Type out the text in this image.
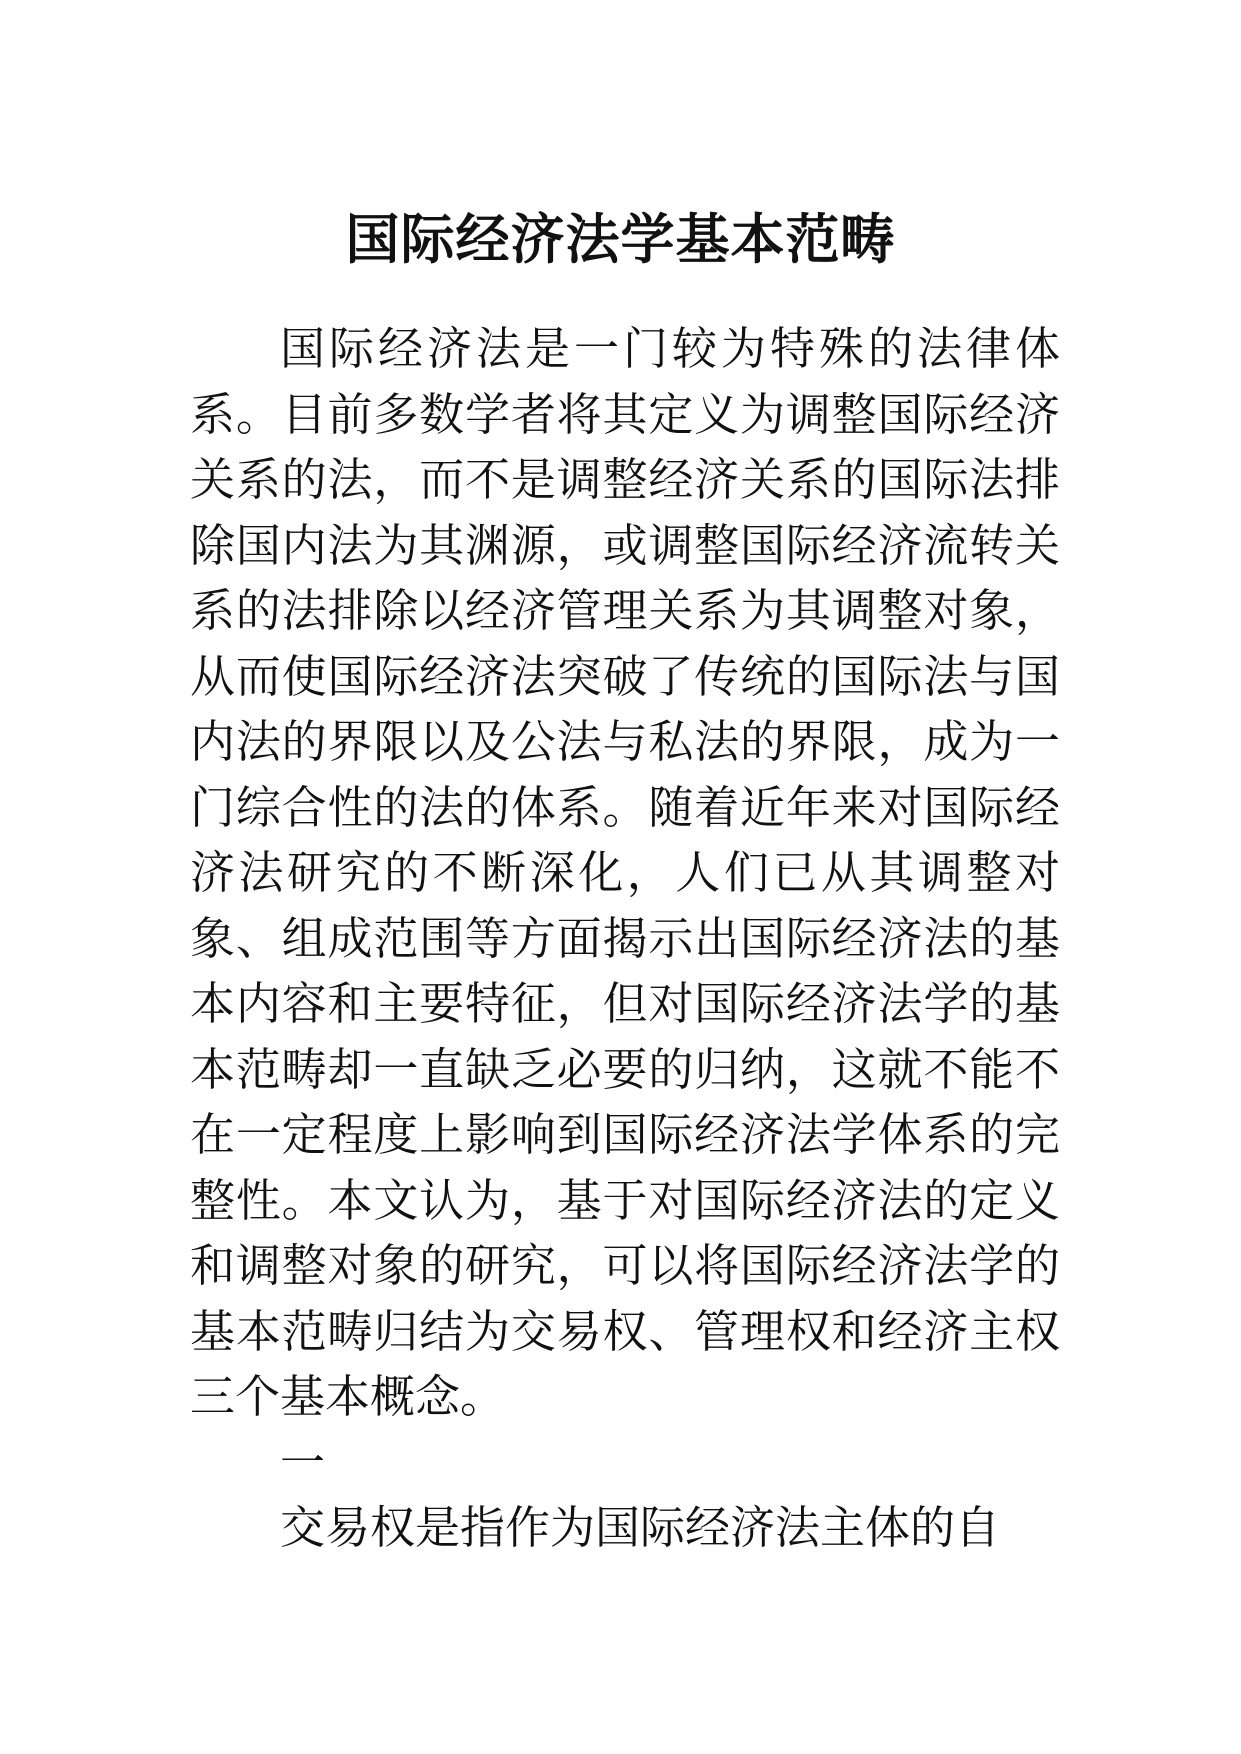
国际经济法学基本范畴

国际经济法是一门较为特殊的法律体系。目前多数学者将其定义为调整国际经济关系的法，而不是调整经济关系的国际法排除国内法为其渊源，或调整国际经济流转关系的法排除以经济管理关系为其调整对象，从而使国际经济法突破了传统的国际法与国内法的界限以及公法与私法的界限，成为一门综合性的法的体系。随着近年来对国际经济法研究的不断深化，人们已从其调整对象、组成范围等方面揭示出国际经济法的基本内容和主要特征，但对国际经济法学的基本范畴却一直缺乏必要的归纳，这就不能不在一定程度上影响到国际经济法学体系的完整性。本文认为，基于对国际经济法的定义和调整对象的研究，可以将国际经济法学的基本范畴归结为交易权、管理权和经济主权三个基本概念。

一

交易权是指作为国际经济法主体的自
